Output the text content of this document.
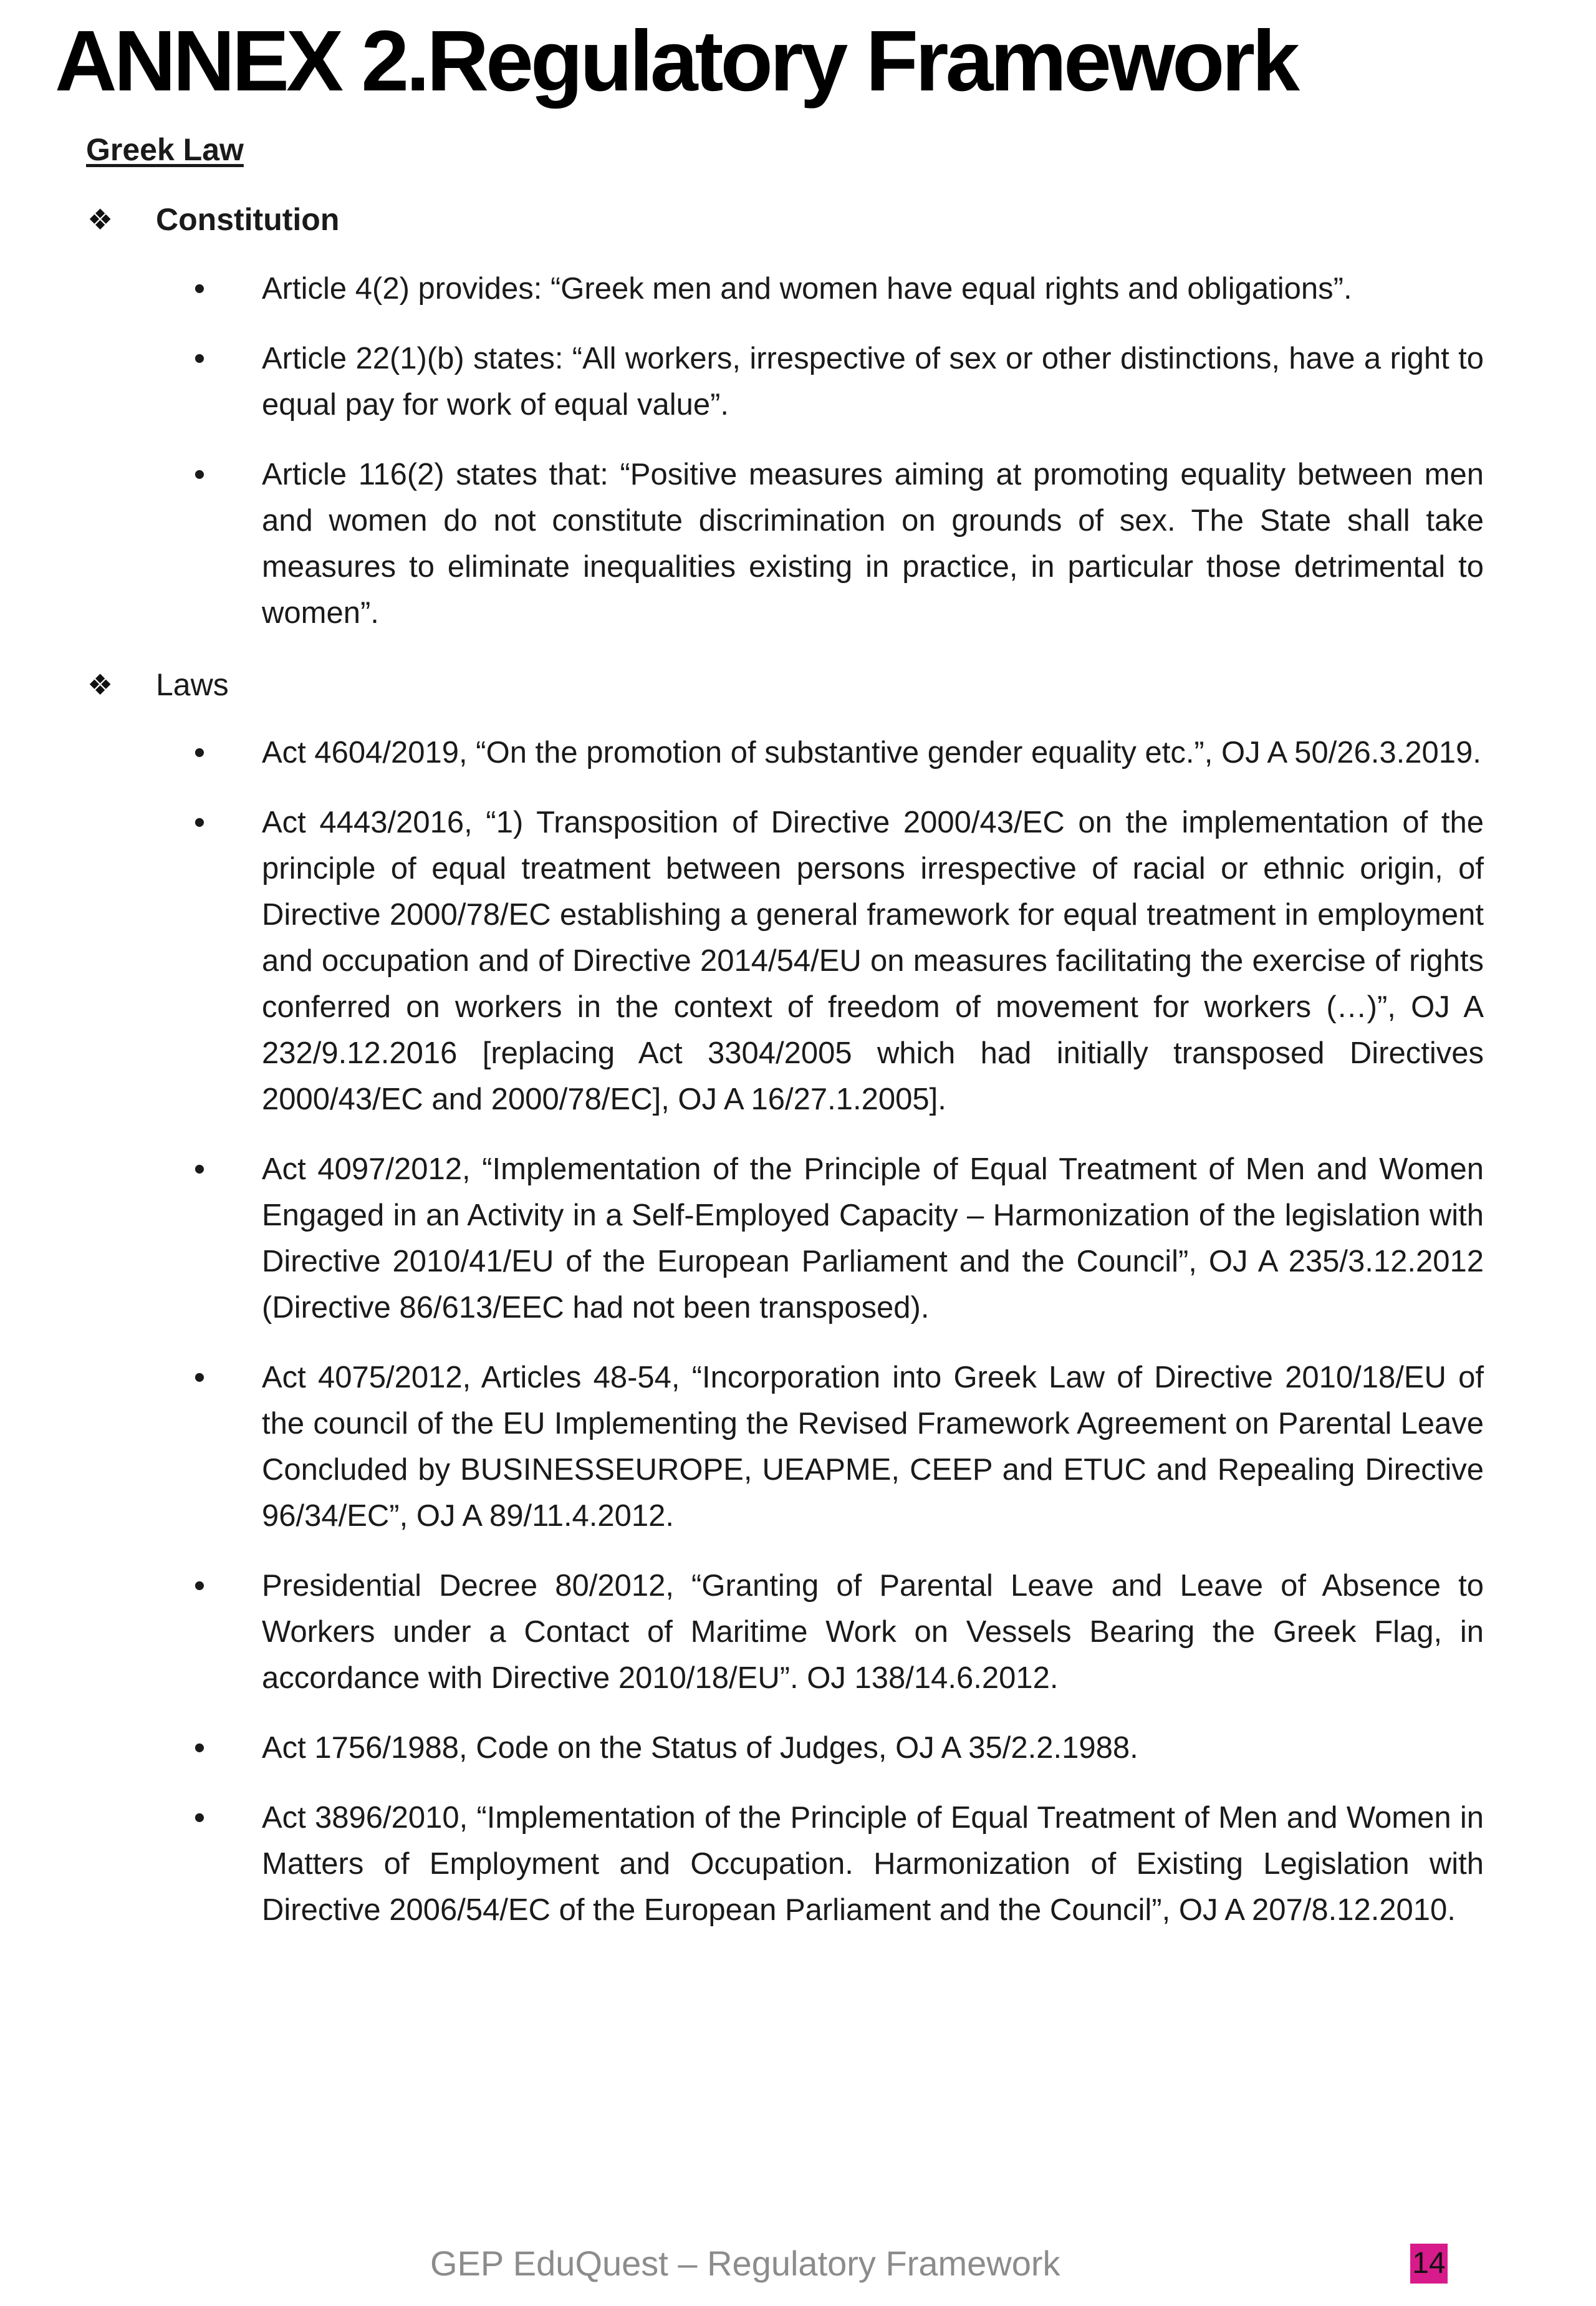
ANNEX 2.Regulatory Framework
Greek Law
❖	Constitution
• Article 4(2) provides: “Greek men and women have equal rights and obligations”.
• Article 22(1)(b) states: “All workers, irrespective of sex or other distinctions, have a right to equal pay for work of equal value”.
• Article 116(2) states that: “Positive measures aiming at promoting equality between men and women do not constitute discrimination on grounds of sex. The State shall take measures to eliminate inequalities existing in practice, in particular those detrimental to women”.
❖	Laws
• Act 4604/2019, “On the promotion of substantive gender equality etc.”, OJ A 50/26.3.2019.
• Act 4443/2016, “1) Transposition of Directive 2000/43/EC on the implementation of the principle of equal treatment between persons irrespective of racial or ethnic origin, of Directive 2000/78/EC establishing a general framework for equal treatment in employment and occupation and of Directive 2014/54/EU on measures facilitating the exercise of rights conferred on workers in the context of freedom of movement for workers (…)”, OJ A 232/9.12.2016 [replacing Act 3304/2005 which had initially transposed Directives 2000/43/EC and 2000/78/EC], OJ A 16/27.1.2005].
• Act 4097/2012, “Implementation of the Principle of Equal Treatment of Men and Women Engaged in an Activity in a Self-Employed Capacity – Harmonization of the legislation with Directive 2010/41/EU of the European Parliament and the Council”, OJ A 235/3.12.2012 (Directive 86/613/EEC had not been transposed).
• Act 4075/2012, Articles 48-54, “Incorporation into Greek Law of Directive 2010/18/EU of the council of the EU Implementing the Revised Framework Agreement on Parental Leave Concluded by BUSINESSEUROPE, UEAPME, CEEP and ETUC and Repealing Directive 96/34/EC”, OJ A 89/11.4.2012.
• Presidential Decree 80/2012, “Granting of Parental Leave and Leave of Absence to Workers under a Contact of Maritime Work on Vessels Bearing the Greek Flag, in accordance with Directive 2010/18/EU”. OJ 138/14.6.2012.
• Act 1756/1988, Code on the Status of Judges, OJ A 35/2.2.1988.
• Act 3896/2010, “Implementation of the Principle of Equal Treatment of Men and Women in Matters of Employment and Occupation. Harmonization of Existing Legislation with Directive 2006/54/EC of the European Parliament and the Council”, OJ A 207/8.12.2010.
GEP EduQuest – Regulatory Framework	14
